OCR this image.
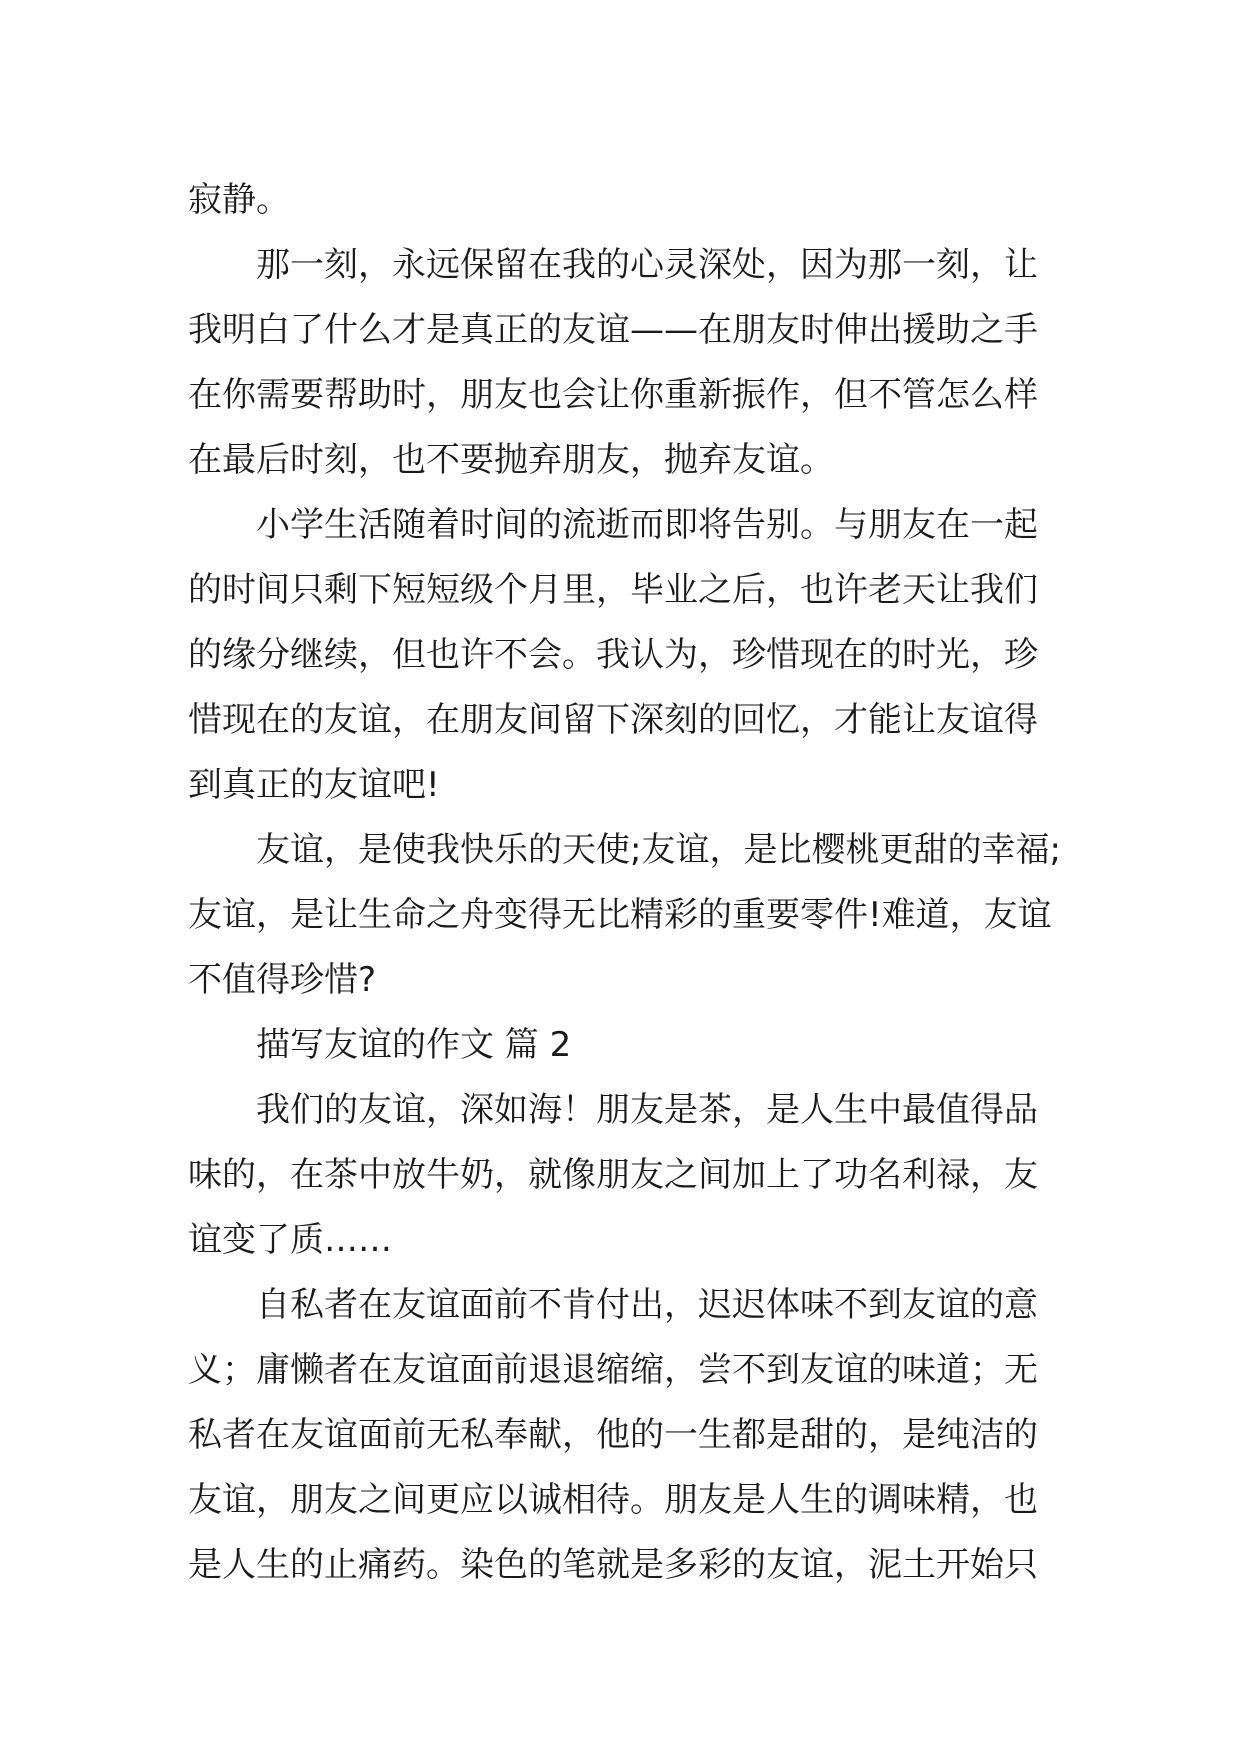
寂静。

那一刻，永远保留在我的心灵深处，因为那一刻，让
我明白了什么才是真正的友谊——在朋友时伸出援助之手
在你需要帮助时，朋友也会让你重新振作，但不管怎么样
在最后时刻，也不要抛弃朋友，抛弃友谊。

小学生活随着时间的流逝而即将告别。与朋友在一起
的时间只剩下短短级个月里，毕业之后，也许老天让我们
的缘分继续，但也许不会。我认为，珍惜现在的时光，珍
惜现在的友谊，在朋友间留下深刻的回忆，才能让友谊得
到真正的友谊吧!

友谊，是使我快乐的天使;友谊，是比樱桃更甜的幸福;
友谊，是让生命之舟变得无比精彩的重要零件!难道，友谊
不值得珍惜?

描写友谊的作文 篇 2

我们的友谊，深如海！朋友是茶，是人生中最值得品
味的，在茶中放牛奶，就像朋友之间加上了功名利禄，友
谊变了质……

自私者在友谊面前不肯付出，迟迟体味不到友谊的意
义；庸懒者在友谊面前退退缩缩，尝不到友谊的味道；无
私者在友谊面前无私奉献，他的一生都是甜的，是纯洁的
友谊，朋友之间更应以诚相待。朋友是人生的调味精，也
是人生的止痛药。染色的笔就是多彩的友谊，泥土开始只
